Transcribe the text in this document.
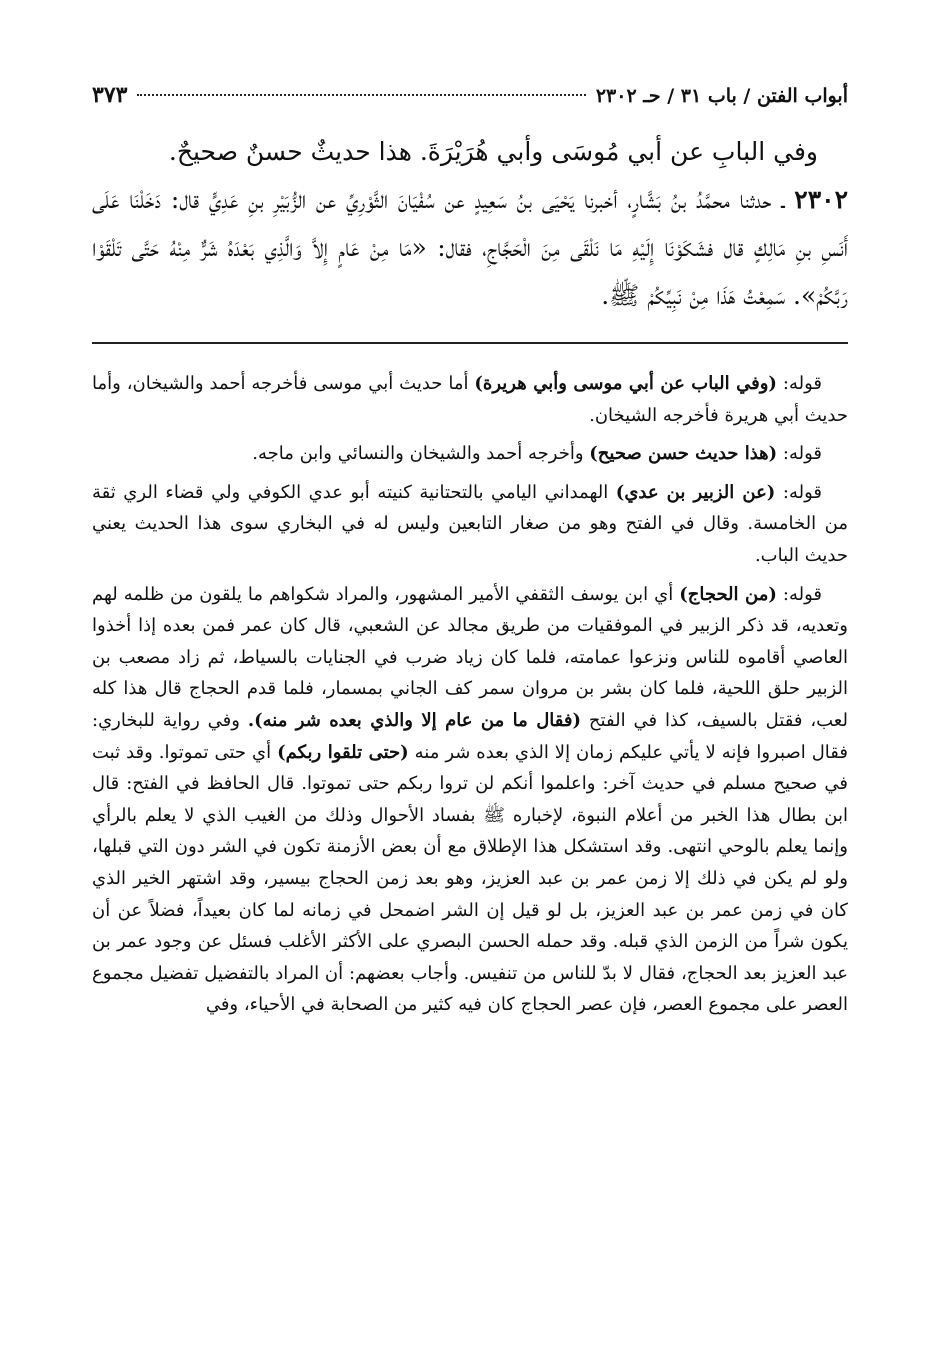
أبواب الفتن / باب ٣١ / حـ ٢٣٠٢
٣٧٣
وفي البابِ عن أبي مُوسَى وأبي هُرَيْرَةَ. هذا حديثٌ حسنٌ صحيحٌ.
٢٣٠٢ ـ حدثنا محمَّدُ بنُ بَشَّارٍ، أخبرنا يَحْيَى بنُ سَعِيدٍ عن سُفْيَانَ الثَّوْرِيِّ عن الزُّبَيْرِ بنِ عَدِيٍّ قال: دَخَلْنَا عَلَى أَنَسِ بنِ مَالِكٍ قال فشَكَوْنَا إِلَيْهِ مَا نَلْقَى مِنَ الْحَجَّاجِ، فقال: «مَا مِنْ عَامٍ إِلاَّ وَالَّذِي بَعْدَهُ شَرٌّ مِنْهُ حَتَّى تَلْقَوْا رَبَّكُمْ». سَمِعْتُ هَذَا مِنْ نَبِيِّكُمْ ﷺ.

قوله: (وفي الباب عن أبي موسى وأبي هريرة) أما حديث أبي موسى فأخرجه أحمد والشيخان، وأما حديث أبي هريرة فأخرجه الشيخان.

قوله: (هذا حديث حسن صحيح) وأخرجه أحمد والشيخان والنسائي وابن ماجه.

قوله: (عن الزبير بن عدي) الهمداني اليامي بالتحتانية كنيته أبو عدي الكوفي ولي قضاء الري ثقة من الخامسة. وقال في الفتح وهو من صغار التابعين وليس له في البخاري سوى هذا الحديث يعني حديث الباب.

قوله: (من الحجاج) أي ابن يوسف الثقفي الأمير المشهور، والمراد شكواهم ما يلقون من ظلمه لهم وتعديه، قد ذكر الزبير في الموفقيات من طريق مجالد عن الشعبي، قال كان عمر فمن بعده إذا أخذوا العاصي أقاموه للناس ونزعوا عمامته، فلما كان زياد ضرب في الجنايات بالسياط، ثم زاد مصعب بن الزبير حلق اللحية، فلما كان بشر بن مروان سمر كف الجاني بمسمار، فلما قدم الحجاج قال هذا كله لعب، فقتل بالسيف، كذا في الفتح (فقال ما من عام إلا والذي بعده شر منه). وفي رواية للبخاري: فقال اصبروا فإنه لا يأتي عليكم زمان إلا الذي بعده شر منه (حتى تلقوا ربكم) أي حتى تموتوا. وقد ثبت في صحيح مسلم في حديث آخر: واعلموا أنكم لن تروا ربكم حتى تموتوا. قال الحافظ في الفتح: قال ابن بطال هذا الخبر من أعلام النبوة، لإخباره ﷺ بفساد الأحوال وذلك من الغيب الذي لا يعلم بالرأي وإنما يعلم بالوحي انتهى. وقد استشكل هذا الإطلاق مع أن بعض الأزمنة تكون في الشر دون التي قبلها، ولو لم يكن في ذلك إلا زمن عمر بن عبد العزيز، وهو بعد زمن الحجاج بيسير، وقد اشتهر الخير الذي كان في زمن عمر بن عبد العزيز، بل لو قيل إن الشر اضمحل في زمانه لما كان بعيداً، فضلاً عن أن يكون شراً من الزمن الذي قبله. وقد حمله الحسن البصري على الأكثر الأغلب فسئل عن وجود عمر بن عبد العزيز بعد الحجاج، فقال لا بدّ للناس من تنفيس. وأجاب بعضهم: أن المراد بالتفضيل تفضيل مجموع العصر على مجموع العصر، فإن عصر الحجاج كان فيه كثير من الصحابة في الأحياء، وفي
